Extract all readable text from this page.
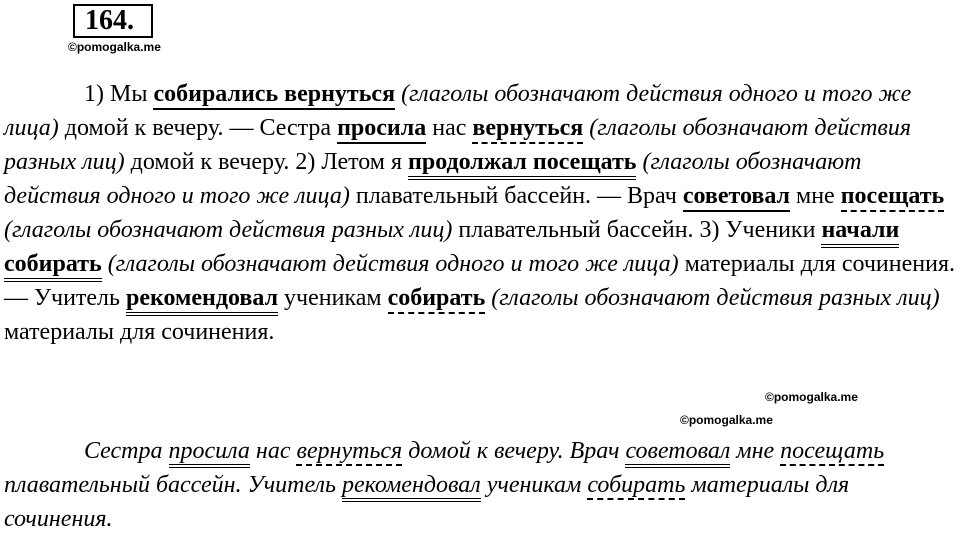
164.
©pomogalka.me
©pomogalka.me
©pomogalka.me

1) Мы собирались вернуться (глаголы обозначают действия одного и того же лица) домой к вечеру. — Сестра просила нас вернуться (глаголы обозначают действия разных лиц) домой к вечеру. 2) Летом я продолжал посещать (глаголы обозначают действия одного и того же лица) плавательный бассейн. — Врач советовал мне посещать (глаголы обозначают действия разных лиц) плавательный бассейн. 3) Ученики начали собирать (глаголы обозначают действия одного и того же лица) материалы для сочинения. — Учитель рекомендовал ученикам собирать (глаголы обозначают действия разных лиц) материалы для сочинения.

Сестра просила нас вернуться домой к вечеру. Врач советовал мне посещать плавательный бассейн. Учитель рекомендовал ученикам собирать материалы для сочинения.
